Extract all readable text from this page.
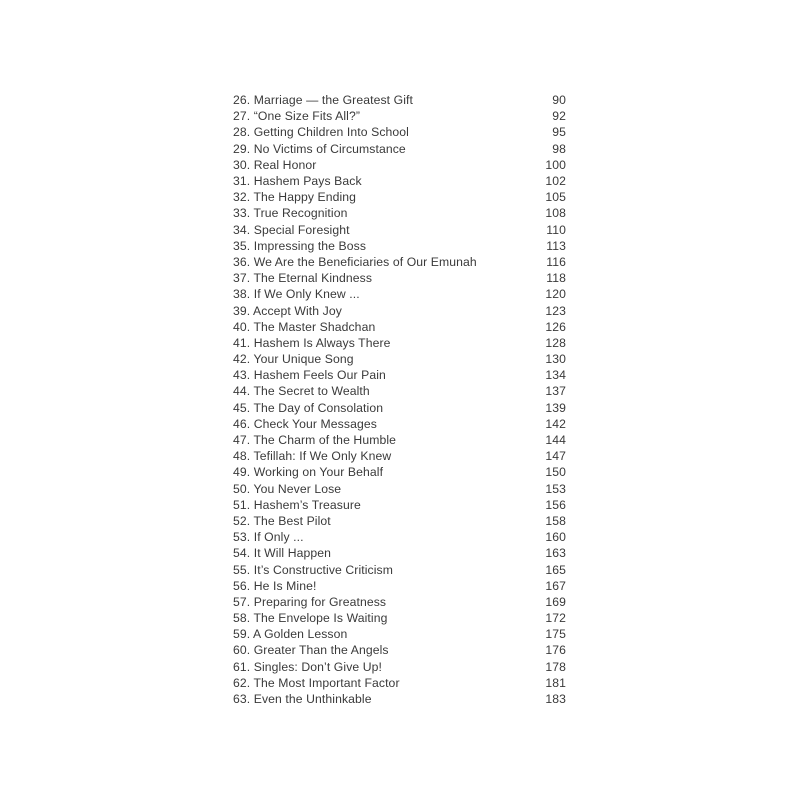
26. Marriage — the Greatest Gift	90
27. “One Size Fits All?”	92
28. Getting Children Into School	95
29. No Victims of Circumstance	98
30. Real Honor	100
31. Hashem Pays Back	102
32. The Happy Ending	105
33. True Recognition	108
34. Special Foresight	110
35. Impressing the Boss	113
36. We Are the Beneficiaries of Our Emunah	116
37. The Eternal Kindness	118
38. If We Only Knew ...	120
39. Accept With Joy	123
40. The Master Shadchan	126
41. Hashem Is Always There	128
42. Your Unique Song	130
43. Hashem Feels Our Pain	134
44. The Secret to Wealth	137
45. The Day of Consolation	139
46. Check Your Messages	142
47. The Charm of the Humble	144
48. Tefillah: If We Only Knew	147
49. Working on Your Behalf	150
50. You Never Lose	153
51. Hashem’s Treasure	156
52. The Best Pilot	158
53. If Only ...	160
54. It Will Happen	163
55. It’s Constructive Criticism	165
56. He Is Mine!	167
57. Preparing for Greatness	169
58. The Envelope Is Waiting	172
59. A Golden Lesson	175
60. Greater Than the Angels	176
61. Singles: Don’t Give Up!	178
62. The Most Important Factor	181
63. Even the Unthinkable	183
